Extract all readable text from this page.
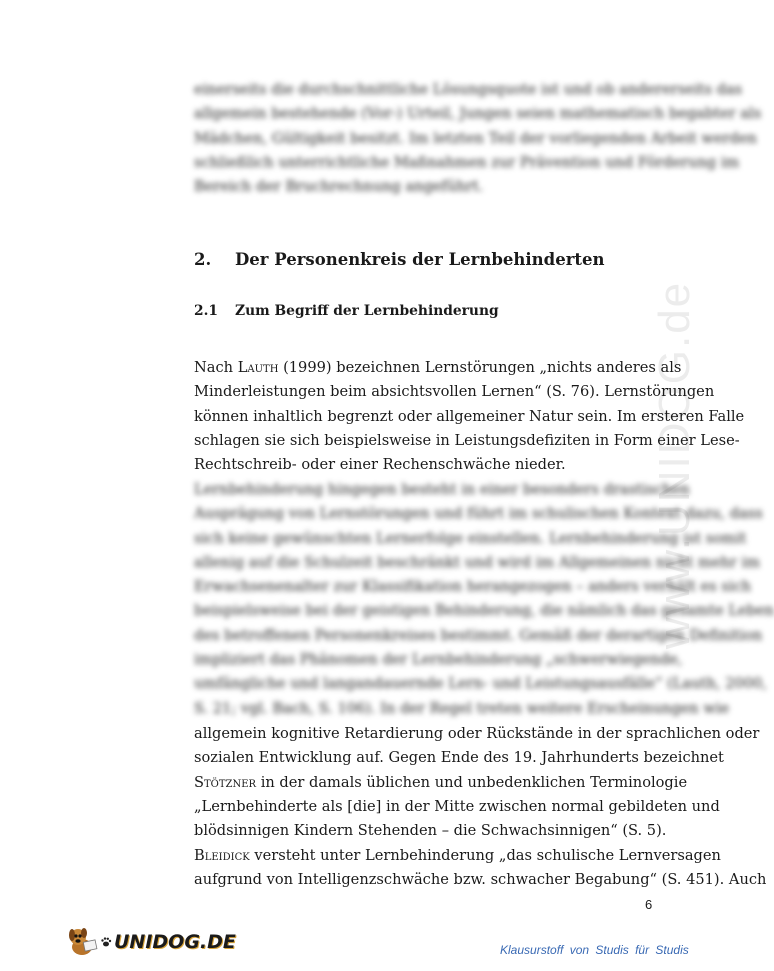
einerseits die durchschnittliche Lösungsquote ist und ob andererseits das
allgemein bestehende (Vor-) Urteil, Jungen seien mathematisch begabter als
Mädchen, Gültigkeit besitzt. Im letzten Teil der vorliegenden Arbeit werden
schließlich unterrichtliche Maßnahmen zur Prävention und Förderung im
Bereich der Bruchrechnung angeführt.
www.UNIDOG.de
2. Der Personenkreis der Lernbehinderten
2.1 Zum Begriff der Lernbehinderung
Nach Lauth (1999) bezeichnen Lernstörungen „nichts anderes als
Minderleistungen beim absichtsvollen Lernen“ (S. 76). Lernstörungen
können inhaltlich begrenzt oder allgemeiner Natur sein. Im ersteren Falle
schlagen sie sich beispielsweise in Leistungsdefiziten in Form einer Lese-
Rechtschreib- oder einer Rechenschwäche nieder.
Lernbehinderung hingegen besteht in einer besonders drastischen
Ausprägung von Lernstörungen und führt im schulischen Kontext dazu, dass
sich keine gewünschten Lernerfolge einstellen. Lernbehinderung ist somit
allenig auf die Schulzeit beschränkt und wird im Allgemeinen nicht mehr im
Erwachsenenalter zur Klassifikation herangezogen – anders verhält es sich
beispielsweise bei der geistigen Behinderung, die nämlich das gesamte Leben
des betroffenen Personenkreises bestimmt. Gemäß der derartigen Definition
impliziert das Phänomen der Lernbehinderung „schwerwiegende,
umfängliche und langandauernde Lern- und Leistungsausfälle“ (Lauth, 2000,
S. 21; vgl. Bach, S. 106). In der Regel treten weitere Erscheinungen wie
allgemein kognitive Retardierung oder Rückstände in der sprachlichen oder
sozialen Entwicklung auf. Gegen Ende des 19. Jahrhunderts bezeichnet
Stötzner in der damals üblichen und unbedenklichen Terminologie
„Lernbehinderte als [die] in der Mitte zwischen normal gebildeten und
blödsinnigen Kindern Stehenden – die Schwachsinnigen“ (S. 5).
Bleidick versteht unter Lernbehinderung „das schulische Lernversagen
aufgrund von Intelligenzschwäche bzw. schwacher Begabung“ (S. 451). Auch
6
UNIDOG.DE	Klausurstoff von Studis für Studis
